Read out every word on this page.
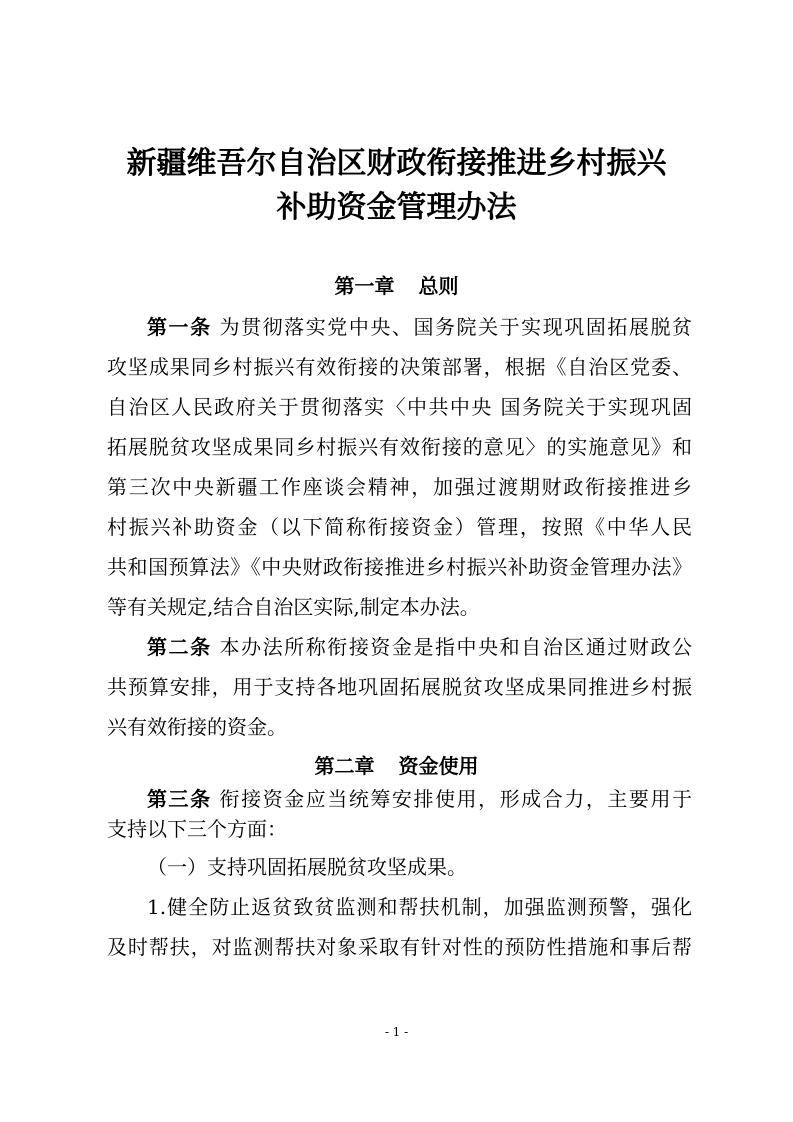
新疆维吾尔自治区财政衔接推进乡村振兴
补助资金管理办法
第一章 总则
第一条 为贯彻落实党中央、国务院关于实现巩固拓展脱贫
攻坚成果同乡村振兴有效衔接的决策部署，根据《自治区党委、
自治区人民政府关于贯彻落实〈中共中央 国务院关于实现巩固
拓展脱贫攻坚成果同乡村振兴有效衔接的意见〉的实施意见》和
第三次中央新疆工作座谈会精神，加强过渡期财政衔接推进乡
村振兴补助资金（以下简称衔接资金）管理，按照《中华人民
共和国预算法》《中央财政衔接推进乡村振兴补助资金管理办法》
等有关规定,结合自治区实际,制定本办法。
第二条 本办法所称衔接资金是指中央和自治区通过财政公
共预算安排，用于支持各地巩固拓展脱贫攻坚成果同推进乡村振
兴有效衔接的资金。
第二章 资金使用
第三条 衔接资金应当统筹安排使用，形成合力，主要用于
支持以下三个方面：
（一）支持巩固拓展脱贫攻坚成果。
1.健全防止返贫致贫监测和帮扶机制，加强监测预警，强化
及时帮扶，对监测帮扶对象采取有针对性的预防性措施和事后帮
- 1 -
